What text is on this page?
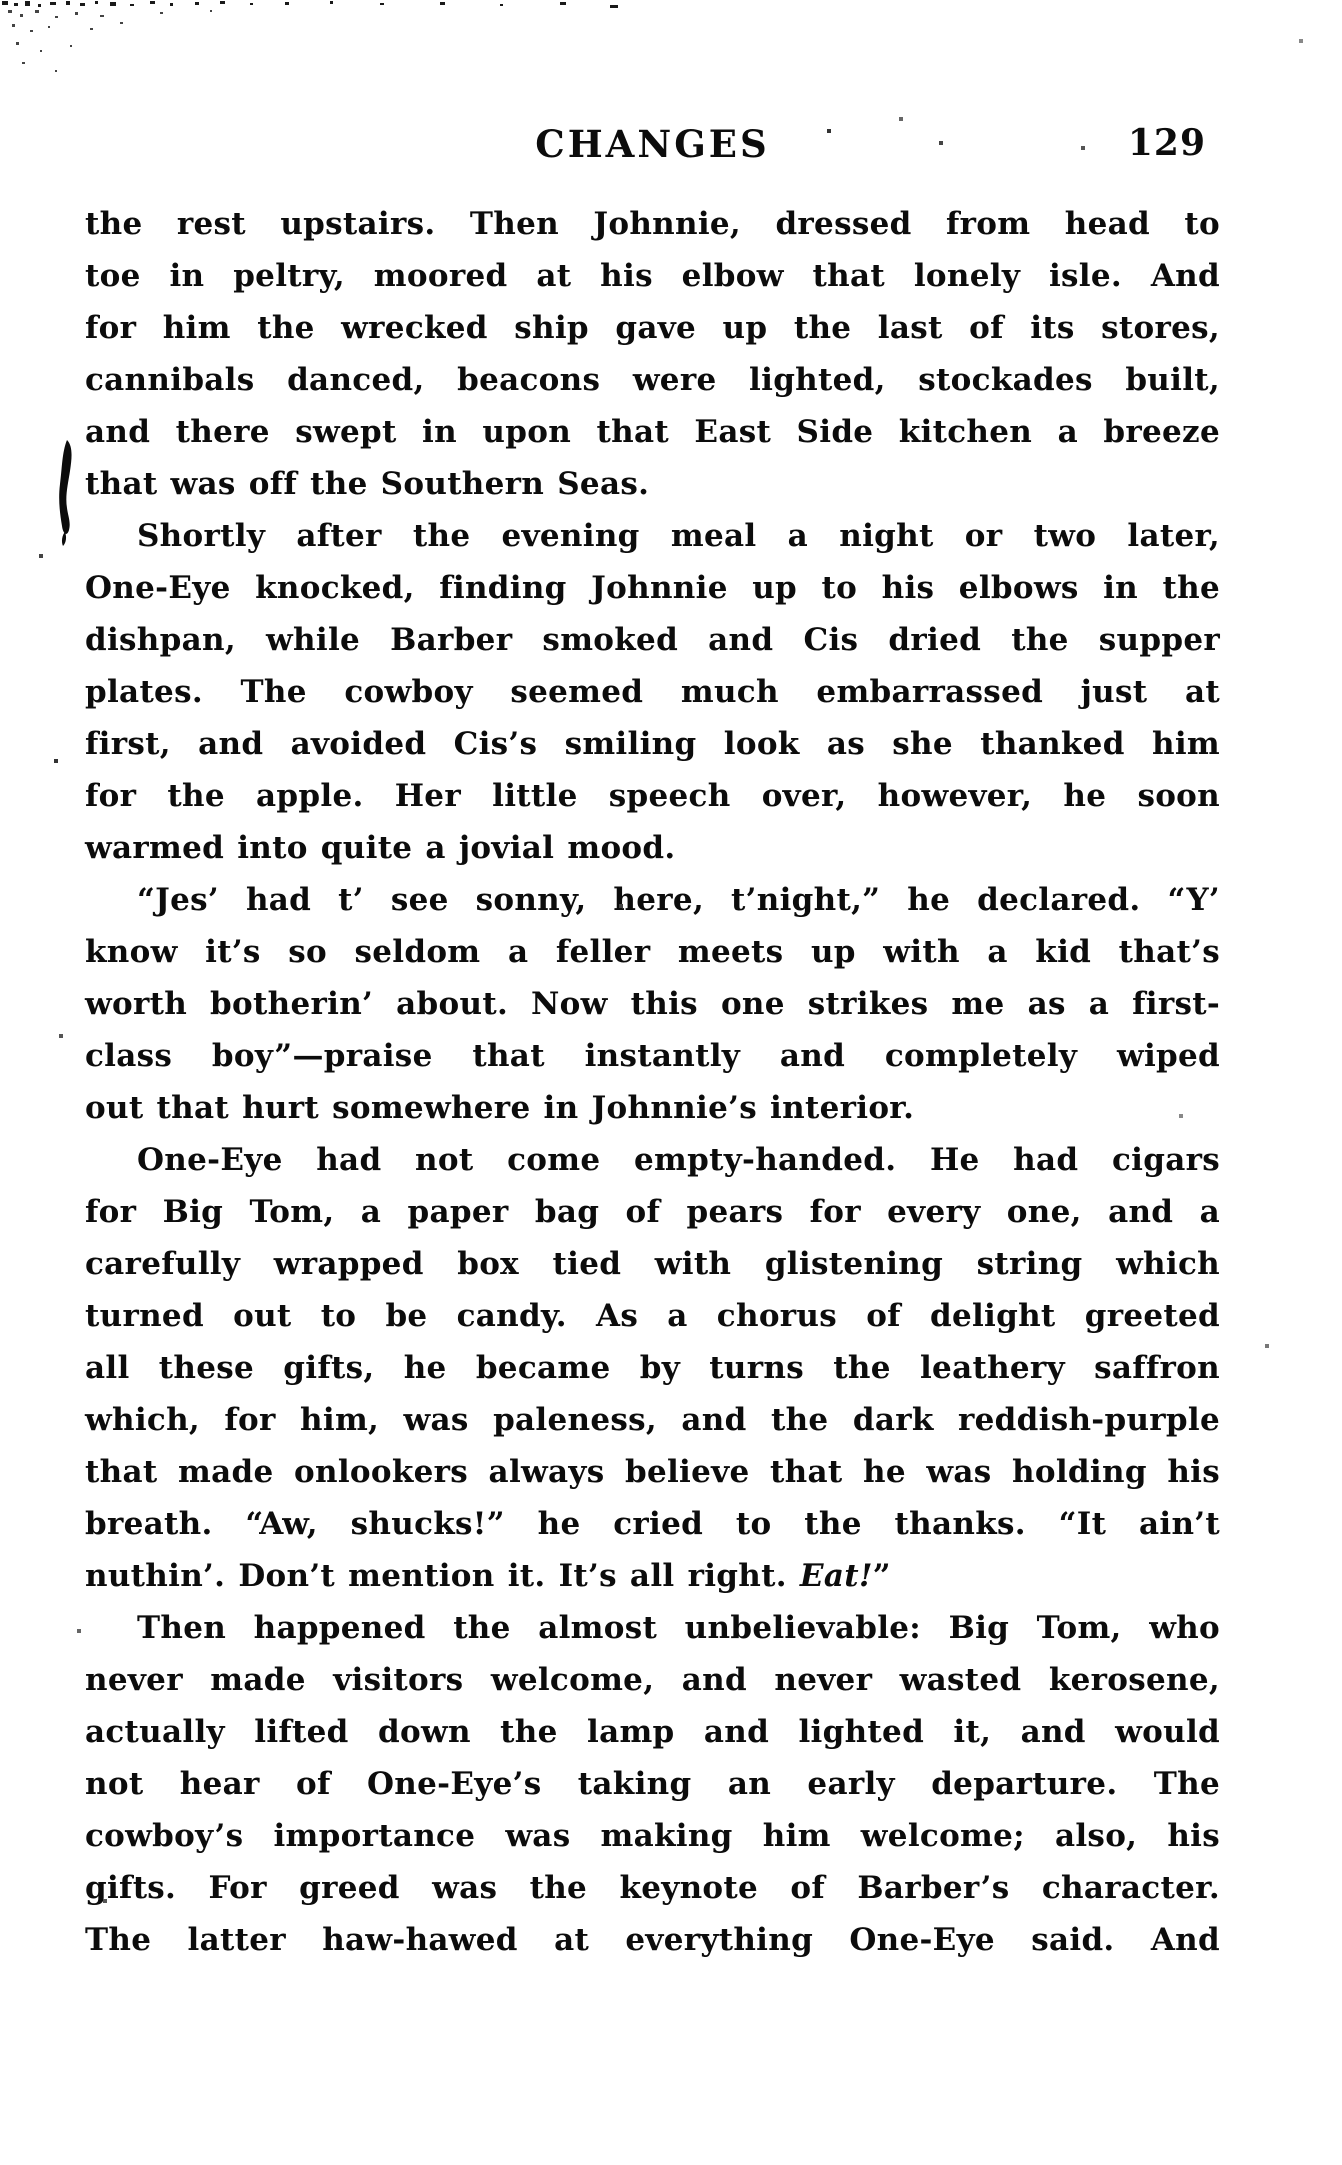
CHANGES	129
the rest upstairs. Then Johnnie, dressed from head to
toe in peltry, moored at his elbow that lonely isle. And
for him the wrecked ship gave up the last of its stores,
cannibals danced, beacons were lighted, stockades built,
and there swept in upon that East Side kitchen a breeze
that was off the Southern Seas.
Shortly after the evening meal a night or two later,
One-Eye knocked, finding Johnnie up to his elbows in the
dishpan, while Barber smoked and Cis dried the supper
plates. The cowboy seemed much embarrassed just at
first, and avoided Cis’s smiling look as she thanked him
for the apple. Her little speech over, however, he soon
warmed into quite a jovial mood.
“Jes’ had t’ see sonny, here, t’night,” he declared. “Y’
know it’s so seldom a feller meets up with a kid that’s
worth botherin’ about. Now this one strikes me as a first-
class boy”—praise that instantly and completely wiped
out that hurt somewhere in Johnnie’s interior.
One-Eye had not come empty-handed. He had cigars
for Big Tom, a paper bag of pears for every one, and a
carefully wrapped box tied with glistening string which
turned out to be candy. As a chorus of delight greeted
all these gifts, he became by turns the leathery saffron
which, for him, was paleness, and the dark reddish-purple
that made onlookers always believe that he was holding his
breath. “Aw, shucks!” he cried to the thanks. “It ain’t
nuthin’. Don’t mention it. It’s all right. Eat!”
Then happened the almost unbelievable: Big Tom, who
never made visitors welcome, and never wasted kerosene,
actually lifted down the lamp and lighted it, and would
not hear of One-Eye’s taking an early departure. The
cowboy’s importance was making him welcome; also, his
gifts. For greed was the keynote of Barber’s character.
The latter haw-hawed at everything One-Eye said. And
